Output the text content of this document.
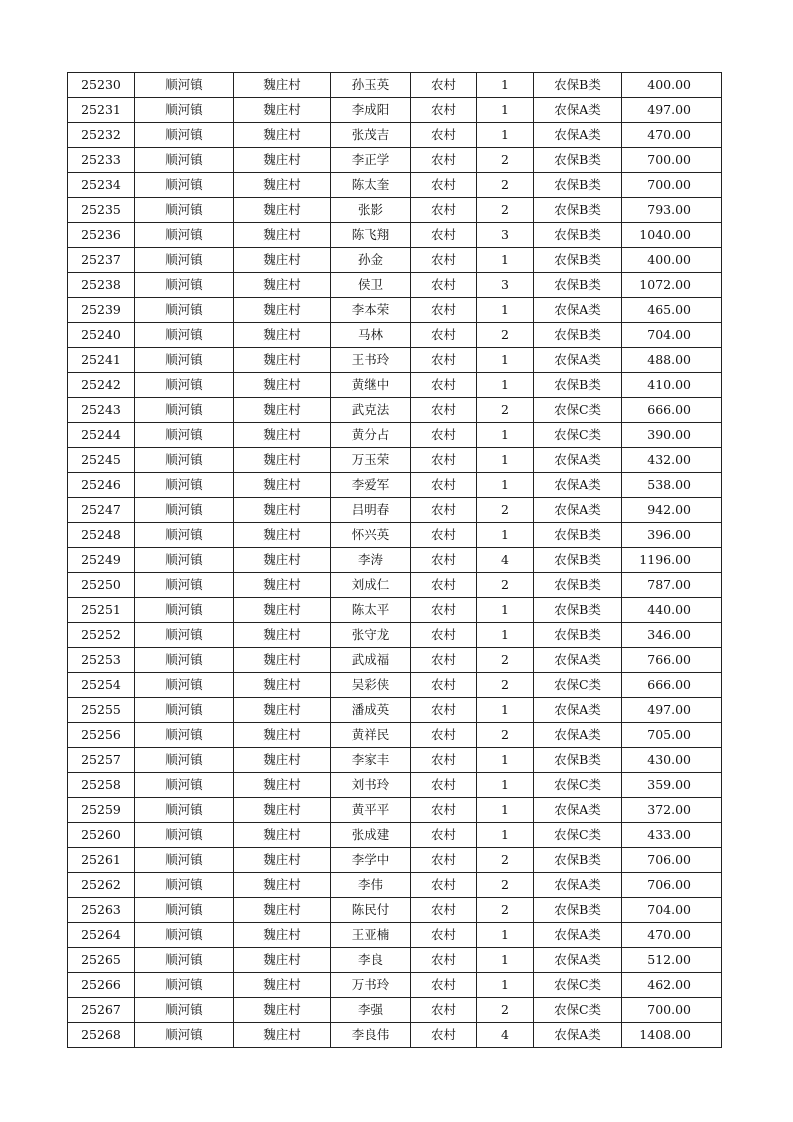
25230	顺河镇	魏庄村	孙玉英	农村	1	农保B类	400.00
25231	顺河镇	魏庄村	李成阳	农村	1	农保A类	497.00
25232	顺河镇	魏庄村	张茂吉	农村	1	农保A类	470.00
25233	顺河镇	魏庄村	李正学	农村	2	农保B类	700.00
25234	顺河镇	魏庄村	陈太奎	农村	2	农保B类	700.00
25235	顺河镇	魏庄村	张影	农村	2	农保B类	793.00
25236	顺河镇	魏庄村	陈飞翔	农村	3	农保B类	1040.00
25237	顺河镇	魏庄村	孙金	农村	1	农保B类	400.00
25238	顺河镇	魏庄村	侯卫	农村	3	农保B类	1072.00
25239	顺河镇	魏庄村	李本荣	农村	1	农保A类	465.00
25240	顺河镇	魏庄村	马林	农村	2	农保B类	704.00
25241	顺河镇	魏庄村	王书玲	农村	1	农保A类	488.00
25242	顺河镇	魏庄村	黄继中	农村	1	农保B类	410.00
25243	顺河镇	魏庄村	武克法	农村	2	农保C类	666.00
25244	顺河镇	魏庄村	黄分占	农村	1	农保C类	390.00
25245	顺河镇	魏庄村	万玉荣	农村	1	农保A类	432.00
25246	顺河镇	魏庄村	李爱军	农村	1	农保A类	538.00
25247	顺河镇	魏庄村	吕明春	农村	2	农保A类	942.00
25248	顺河镇	魏庄村	怀兴英	农村	1	农保B类	396.00
25249	顺河镇	魏庄村	李涛	农村	4	农保B类	1196.00
25250	顺河镇	魏庄村	刘成仁	农村	2	农保B类	787.00
25251	顺河镇	魏庄村	陈太平	农村	1	农保B类	440.00
25252	顺河镇	魏庄村	张守龙	农村	1	农保B类	346.00
25253	顺河镇	魏庄村	武成福	农村	2	农保A类	766.00
25254	顺河镇	魏庄村	吴彩侠	农村	2	农保C类	666.00
25255	顺河镇	魏庄村	潘成英	农村	1	农保A类	497.00
25256	顺河镇	魏庄村	黄祥民	农村	2	农保A类	705.00
25257	顺河镇	魏庄村	李家丰	农村	1	农保B类	430.00
25258	顺河镇	魏庄村	刘书玲	农村	1	农保C类	359.00
25259	顺河镇	魏庄村	黄平平	农村	1	农保A类	372.00
25260	顺河镇	魏庄村	张成建	农村	1	农保C类	433.00
25261	顺河镇	魏庄村	李学中	农村	2	农保B类	706.00
25262	顺河镇	魏庄村	李伟	农村	2	农保A类	706.00
25263	顺河镇	魏庄村	陈民付	农村	2	农保B类	704.00
25264	顺河镇	魏庄村	王亚楠	农村	1	农保A类	470.00
25265	顺河镇	魏庄村	李良	农村	1	农保A类	512.00
25266	顺河镇	魏庄村	万书玲	农村	1	农保C类	462.00
25267	顺河镇	魏庄村	李强	农村	2	农保C类	700.00
25268	顺河镇	魏庄村	李良伟	农村	4	农保A类	1408.00
